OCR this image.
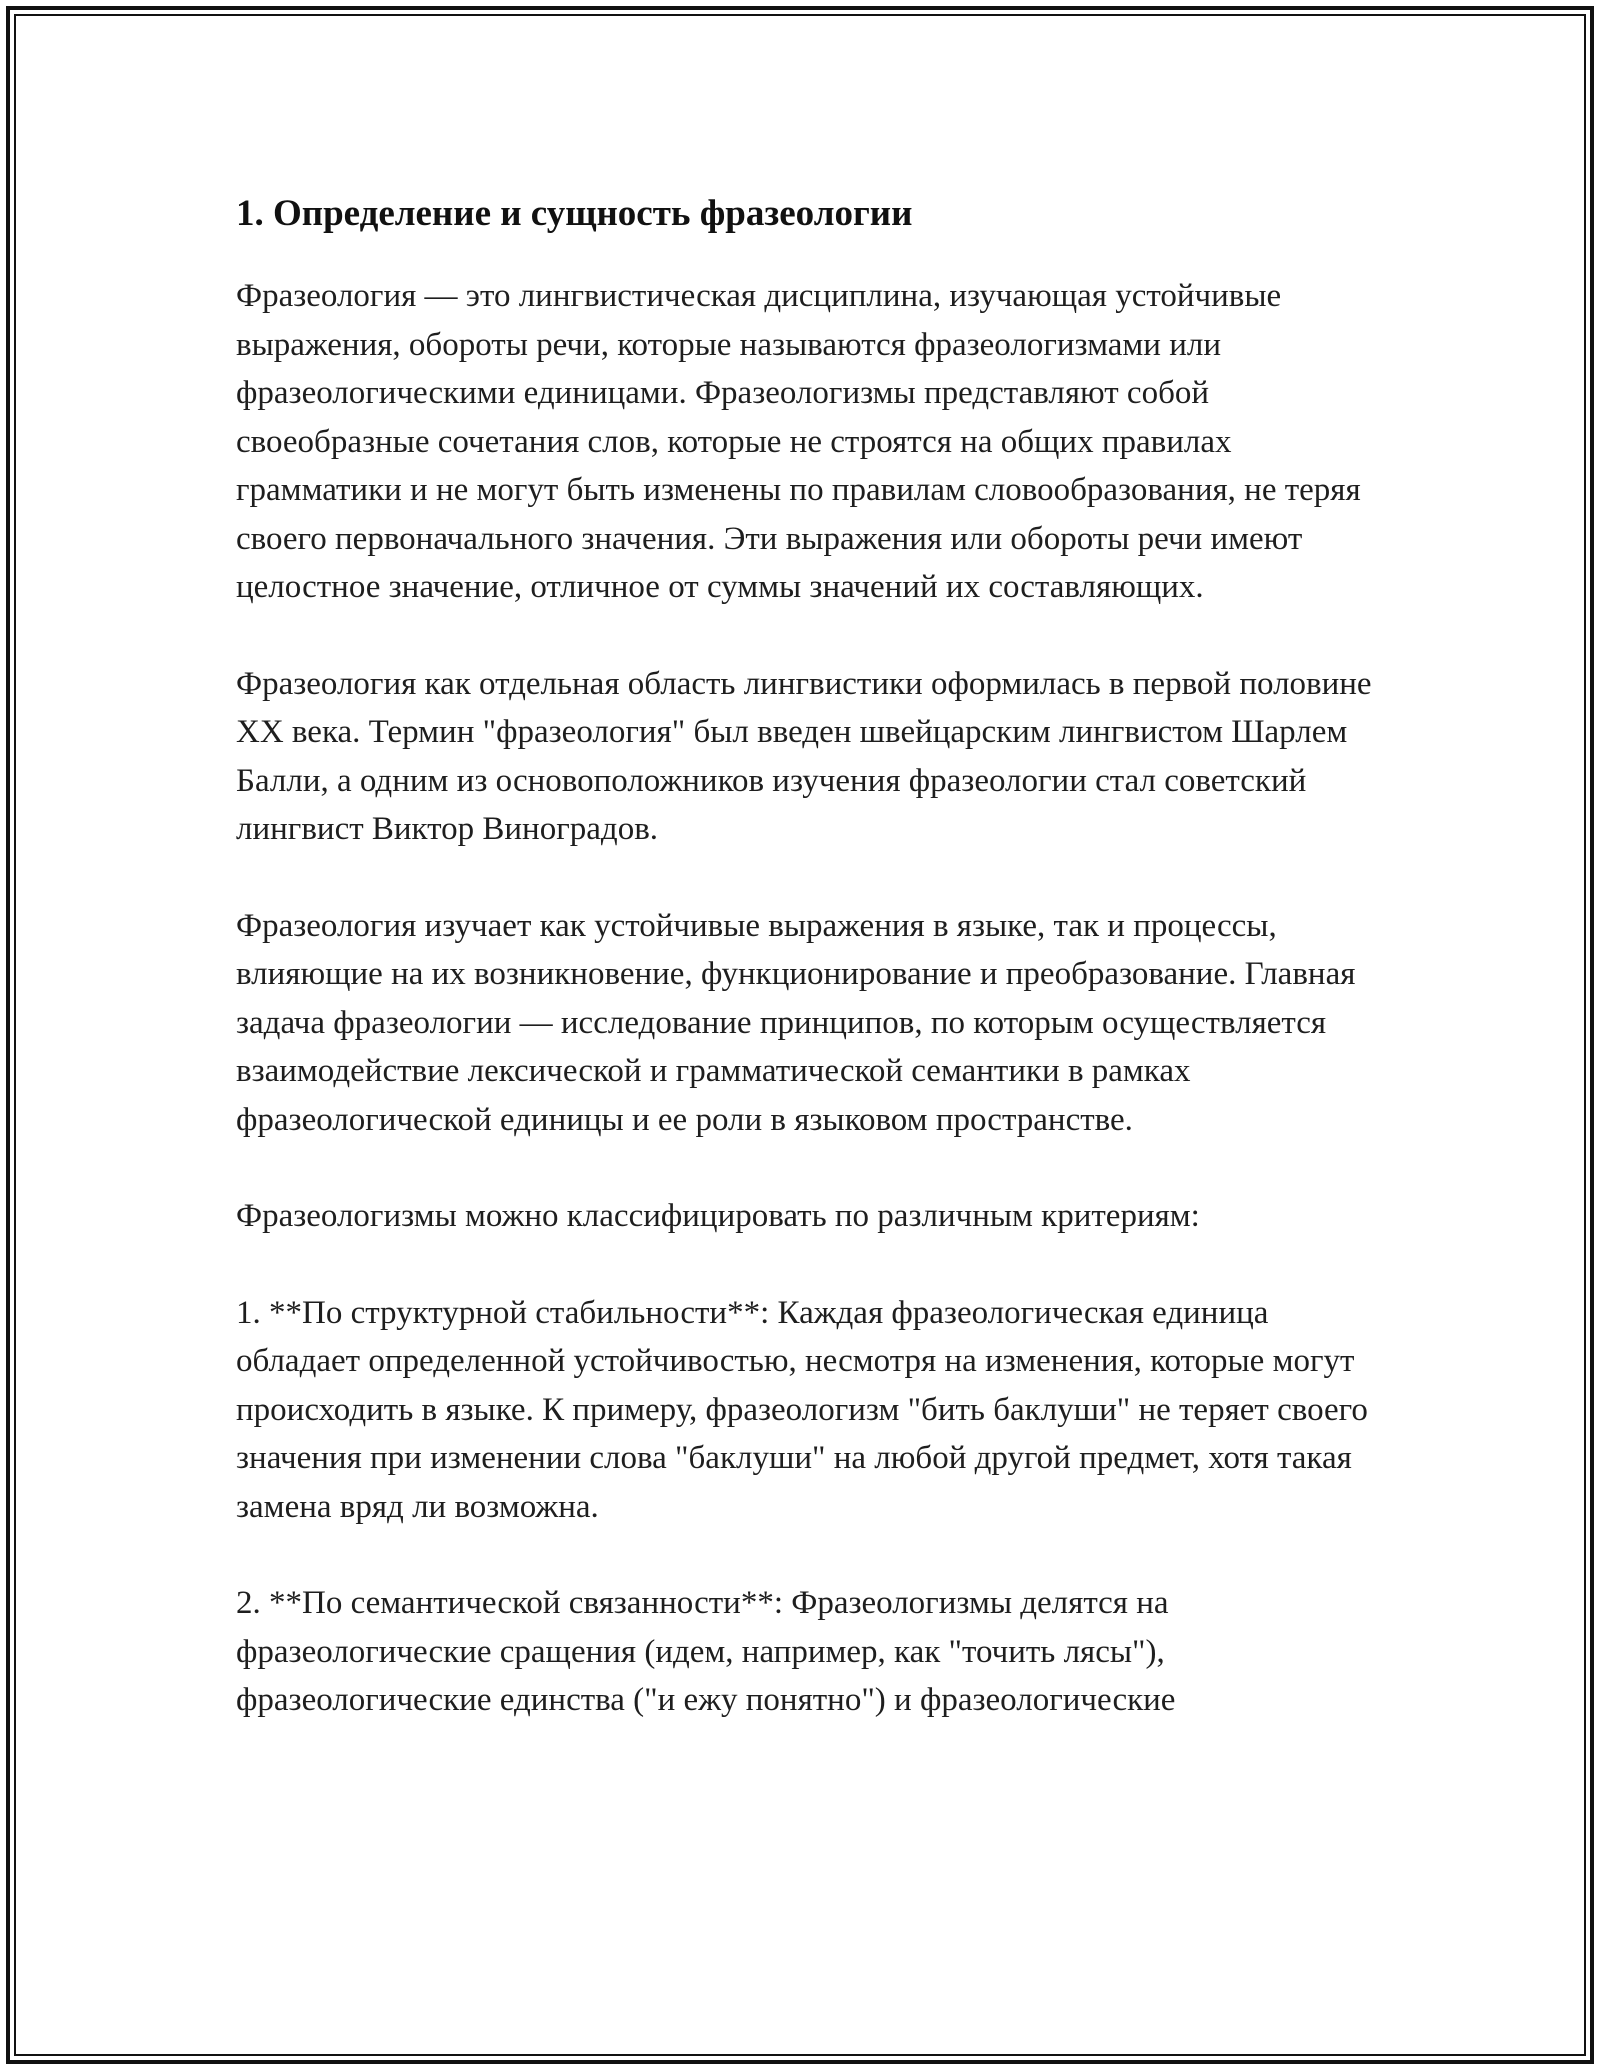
1. Определение и сущность фразеологии

Фразеология — это лингвистическая дисциплина, изучающая устойчивые выражения, обороты речи, которые называются фразеологизмами или фразеологическими единицами. Фразеологизмы представляют собой своеобразные сочетания слов, которые не строятся на общих правилах грамматики и не могут быть изменены по правилам словообразования, не теряя своего первоначального значения. Эти выражения или обороты речи имеют целостное значение, отличное от суммы значений их составляющих.

Фразеология как отдельная область лингвистики оформилась в первой половине XX века. Термин "фразеология" был введен швейцарским лингвистом Шарлем Балли, а одним из основоположников изучения фразеологии стал советский лингвист Виктор Виноградов.

Фразеология изучает как устойчивые выражения в языке, так и процессы, влияющие на их возникновение, функционирование и преобразование. Главная задача фразеологии — исследование принципов, по которым осуществляется взаимодействие лексической и грамматической семантики в рамках фразеологической единицы и ее роли в языковом пространстве.

Фразеологизмы можно классифицировать по различным критериям:

1. **По структурной стабильности**: Каждая фразеологическая единица обладает определенной устойчивостью, несмотря на изменения, которые могут происходить в языке. К примеру, фразеологизм "бить баклуши" не теряет своего значения при изменении слова "баклуши" на любой другой предмет, хотя такая замена вряд ли возможна.

2. **По семантической связанности**: Фразеологизмы делятся на фразеологические сращения (идем, например, как "точить лясы"), фразеологические единства ("и ежу понятно") и фразеологические
